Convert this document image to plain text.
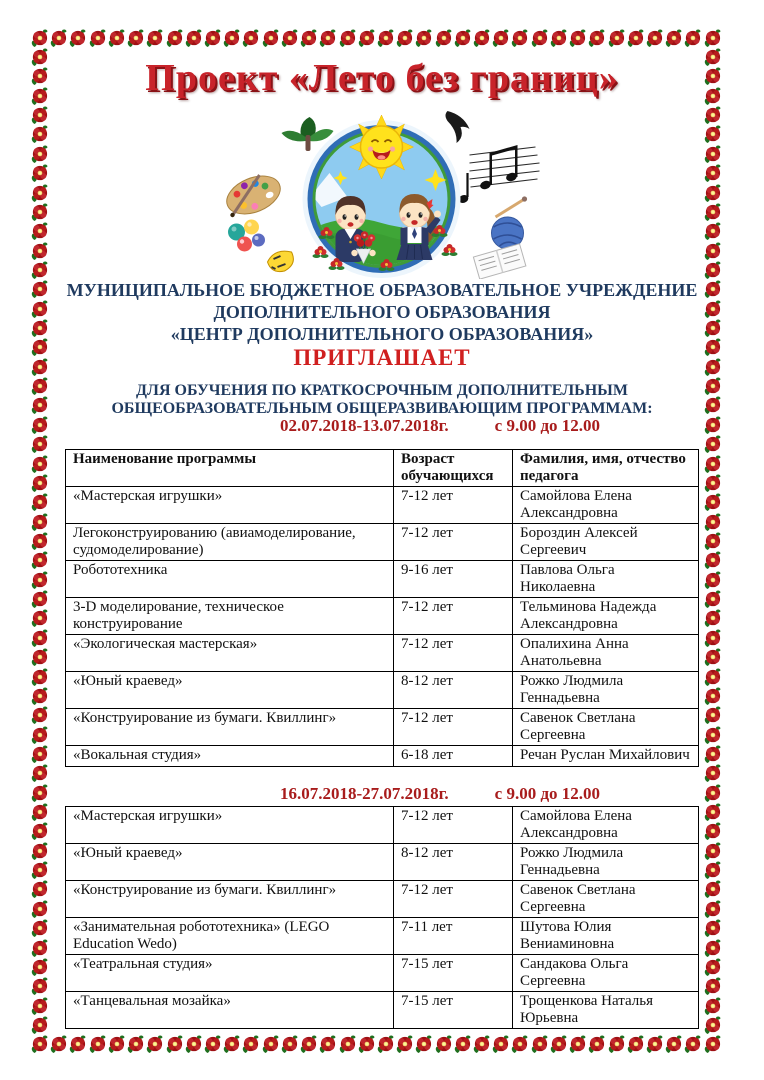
Проект «Лето без границ»
МУНИЦИПАЛЬНОЕ БЮДЖЕТНОЕ ОБРАЗОВАТЕЛЬНОЕ УЧРЕЖДЕНИЕ
ДОПОЛНИТЕЛЬНОГО ОБРАЗОВАНИЯ
«ЦЕНТР ДОПОЛНИТЕЛЬНОГО ОБРАЗОВАНИЯ»
ПРИГЛАШАЕТ
ДЛЯ ОБУЧЕНИЯ ПО КРАТКОСРОЧНЫМ ДОПОЛНИТЕЛЬНЫМ
ОБЩЕОБРАЗОВАТЕЛЬНЫМ ОБЩЕРАЗВИВАЮЩИМ ПРОГРАММАМ:
02.07.2018-13.07.2018г.	с 9.00 до 12.00
Наименование программы	Возраст обучающихся	Фамилия, имя, отчество педагога
«Мастерская игрушки»	7-12 лет	Самойлова Елена Александровна
Легоконструированию (авиамоделирование, судомоделирование)	7-12 лет	Бороздин Алексей Сергеевич
Робототехника	9-16 лет	Павлова Ольга Николаевна
3-D моделирование, техническое конструирование	7-12 лет	Тельминова Надежда Александровна
«Экологическая мастерская»	7-12 лет	Опалихина Анна Анатольевна
«Юный краевед»	8-12 лет	Рожко Людмила Геннадьевна
«Конструирование из бумаги. Квиллинг»	7-12 лет	Савенок Светлана Сергеевна
«Вокальная студия»	6-18 лет	Речан Руслан Михайлович
16.07.2018-27.07.2018г.	с 9.00 до 12.00
«Мастерская игрушки»	7-12 лет	Самойлова Елена Александровна
«Юный краевед»	8-12 лет	Рожко Людмила Геннадьевна
«Конструирование из бумаги. Квиллинг»	7-12 лет	Савенок Светлана Сергеевна
«Занимательная робототехника» (LEGO Education Wedo)	7-11 лет	Шутова Юлия Вениаминовна
«Театральная студия»	7-15 лет	Сандакова Ольга Сергеевна
«Танцевальная мозайка»	7-15 лет	Трощенкова Наталья Юрьевна
